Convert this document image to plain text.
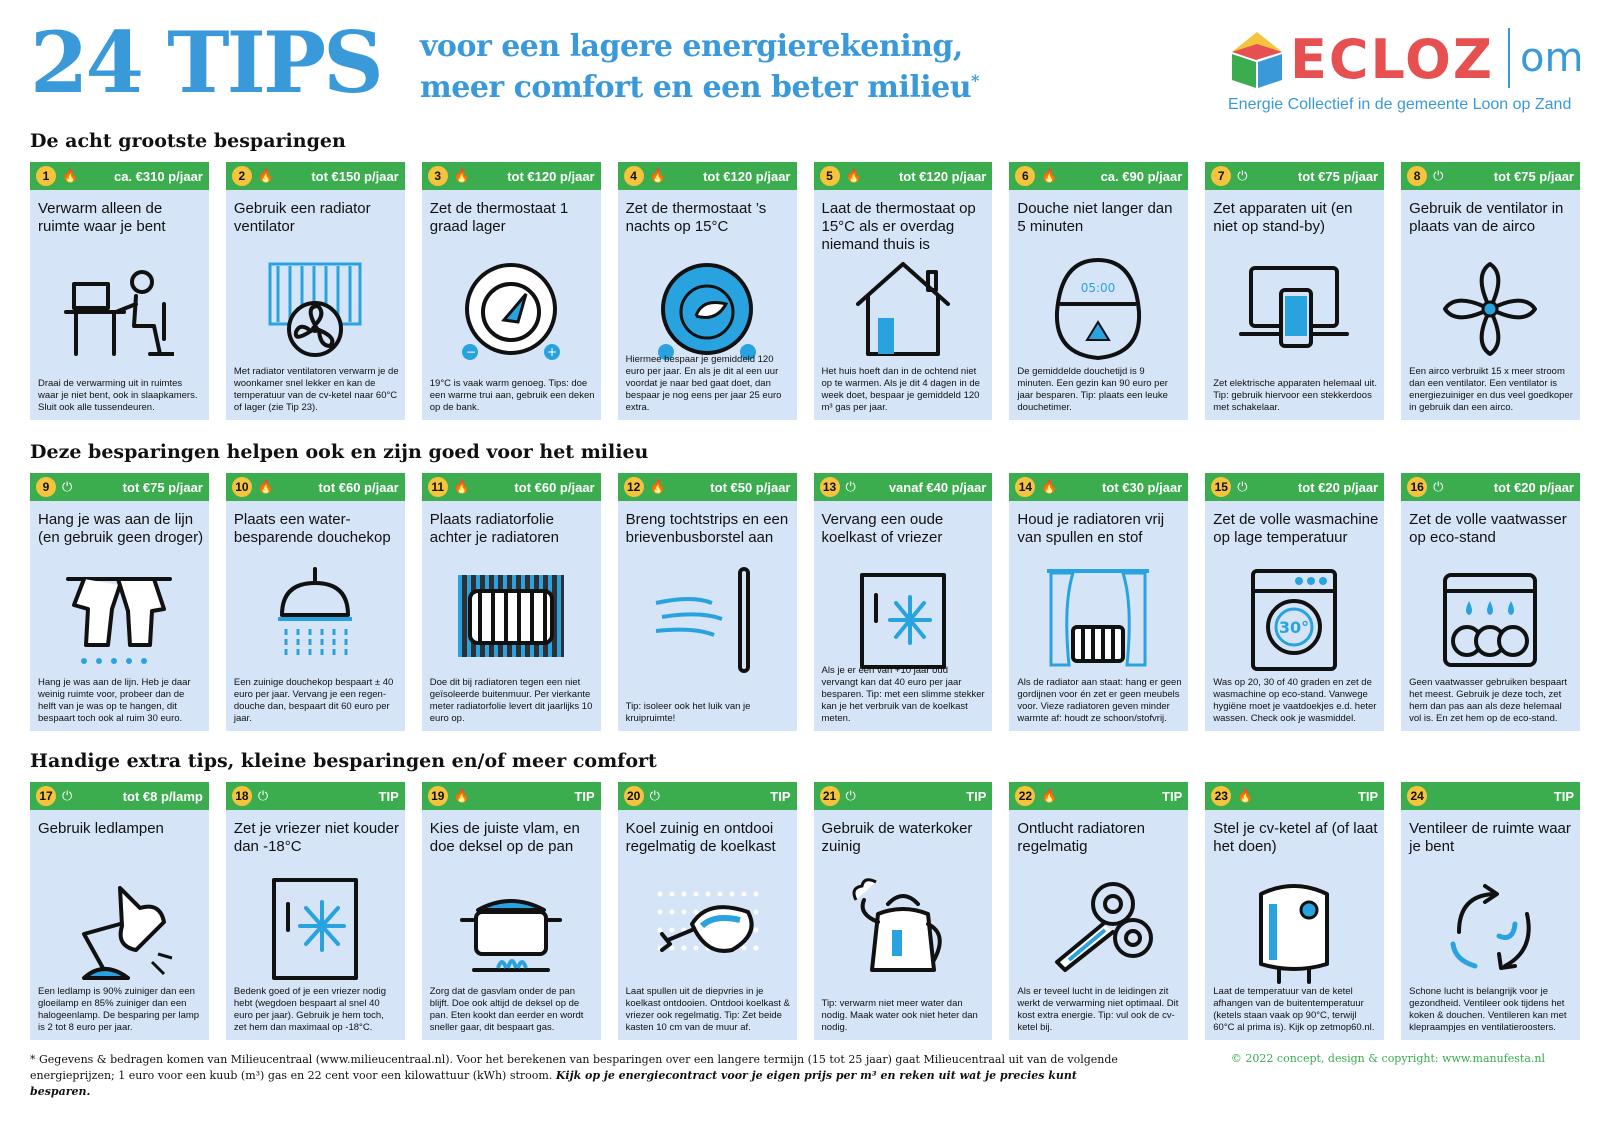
24 TIPS voor een lagere energierekening,
meer comfort en een beter milieu*	ECLOZ om
Energie Collectief in de gemeente Loon op Zand
De acht grootste besparingen
1 🔥	ca. €310 p/jaar
Verwarm alleen de ruimte waar je bent
Draai de verwarming uit in ruimtes waar je niet bent, ook in slaapkamers. Sluit ook alle tussendeuren.
2 🔥	tot €150 p/jaar
Gebruik een radiator ventilator
Met radiator ventilatoren verwarm je de woonkamer snel lekker en kan de temperatuur van de cv-ketel naar 60°C of lager (zie Tip 23).
3 🔥	tot €120 p/jaar
Zet de thermostaat 1 graad lager
−	+
19°C is vaak warm genoeg. Tips: doe een warme trui aan, gebruik een deken op de bank.
4 🔥	tot €120 p/jaar
Zet de thermostaat ’s nachts op 15°C
Hiermee bespaar je gemiddeld 120 euro per jaar. En als je dit al een uur voordat je naar bed gaat doet, dan bespaar je nog eens per jaar 25 euro extra.
5 🔥	tot €120 p/jaar
Laat de thermostaat op 15°C als er overdag niemand thuis is
Het huis hoeft dan in de ochtend niet op te warmen. Als je dit 4 dagen in de week doet, bespaar je gemiddeld 120 m³ gas per jaar.
6 🔥	ca. €90 p/jaar
Douche niet langer dan 5 minuten
05:00
De gemiddelde douchetijd is 9 minuten. Een gezin kan 90 euro per jaar besparen. Tip: plaats een leuke douchetimer.
7 ⏻	tot €75 p/jaar
Zet apparaten uit (en niet op stand-by)
Zet elektrische apparaten helemaal uit. Tip: gebruik hiervoor een stekkerdoos met schakelaar.
8 ⏻	tot €75 p/jaar
Gebruik de ventilator in plaats van de airco
Een airco verbruikt 15 x meer stroom dan een ventilator. Een ventilator is energiezuiniger en dus veel goedkoper in gebruik dan een airco.
Deze besparingen helpen ook en zijn goed voor het milieu
9 ⏻	tot €75 p/jaar
Hang je was aan de lijn (en gebruik geen droger)
Hang je was aan de lijn. Heb je daar weinig ruimte voor, probeer dan de helft van je was op te hangen, dit bespaart toch ook al ruim 30 euro.
10 🔥	tot €60 p/jaar
Plaats een water-besparende douchekop
Een zuinige douchekop bespaart ± 40 euro per jaar. Vervang je een regen-douche dan, bespaart dit 60 euro per jaar.
11 🔥	tot €60 p/jaar
Plaats radiatorfolie achter je radiatoren
Doe dit bij radiatoren tegen een niet geïsoleerde buitenmuur. Per vierkante meter radiatorfolie levert dit jaarlijks 10 euro op.
12 🔥	tot €50 p/jaar
Breng tochtstrips en een brievenbusborstel aan
Tip: isoleer ook het luik van je kruipruimte!
13 ⏻	vanaf €40 p/jaar
Vervang een oude koelkast of vriezer
Als je er één van +10 jaar oud vervangt kan dat 40 euro per jaar besparen. Tip: met een slimme stekker kan je het verbruik van de koelkast meten.
14 🔥	tot €30 p/jaar
Houd je radiatoren vrij van spullen en stof
Als de radiator aan staat: hang er geen gordijnen voor én zet er geen meubels voor. Vieze radiatoren geven minder warmte af: houdt ze schoon/stofvrij.
15 ⏻	tot €20 p/jaar
Zet de volle wasmachine op lage temperatuur
30°
Was op 20, 30 of 40 graden en zet de wasmachine op eco-stand. Vanwege hygiëne moet je vaatdoekjes e.d. heter wassen. Check ook je wasmiddel.
16 ⏻	tot €20 p/jaar
Zet de volle vaatwasser op eco-stand
Geen vaatwasser gebruiken bespaart het meest. Gebruik je deze toch, zet hem dan pas aan als deze helemaal vol is. En zet hem op de eco-stand.
Handige extra tips, kleine besparingen en/of meer comfort
17 ⏻	tot €8 p/lamp
Gebruik ledlampen
Een ledlamp is 90% zuiniger dan een gloeilamp en 85% zuiniger dan een halogeenlamp. De besparing per lamp is 2 tot 8 euro per jaar.
18 ⏻	TIP
Zet je vriezer niet kouder dan -18°C
Bedenk goed of je een vriezer nodig hebt (wegdoen bespaart al snel 40 euro per jaar). Gebruik je hem toch, zet hem dan maximaal op -18°C.
19 🔥	TIP
Kies de juiste vlam, en doe deksel op de pan
Zorg dat de gasvlam onder de pan blijft. Doe ook altijd de deksel op de pan. Eten kookt dan eerder en wordt sneller gaar, dit bespaart gas.
20 ⏻	TIP
Koel zuinig en ontdooi regelmatig de koelkast
Laat spullen uit de diepvries in je koelkast ontdooien. Ontdooi koelkast & vriezer ook regelmatig. Tip: Zet beide kasten 10 cm van de muur af.
21 ⏻	TIP
Gebruik de waterkoker zuinig
Tip: verwarm niet meer water dan nodig. Maak water ook niet heter dan nodig.
22 🔥	TIP
Ontlucht radiatoren regelmatig
Als er teveel lucht in de leidingen zit werkt de verwarming niet optimaal. Dit kost extra energie. Tip: vul ook de cv-ketel bij.
23 🔥	TIP
Stel je cv-ketel af (of laat het doen)
Laat de temperatuur van de ketel afhangen van de buitentemperatuur (ketels staan vaak op 90°C, terwijl 60°C al prima is). Kijk op zetmop60.nl.
24	TIP
Ventileer de ruimte waar je bent
Schone lucht is belangrijk voor je gezondheid. Ventileer ook tijdens het koken & douchen. Ventileren kan met klepraampjes en ventilatieroosters.
* Gegevens & bedragen komen van Milieucentraal (www.milieucentraal.nl). Voor het berekenen van besparingen over een langere termijn (15 tot 25 jaar) gaat Milieucentraal uit van de volgende energieprijzen; 1 euro voor een kuub (m³) gas en 22 cent voor een kilowattuur (kWh) stroom. Kijk op je energiecontract voor je eigen prijs per m³ en reken uit wat je precies kunt besparen.
© 2022 concept, design & copyright: www.manufesta.nl
